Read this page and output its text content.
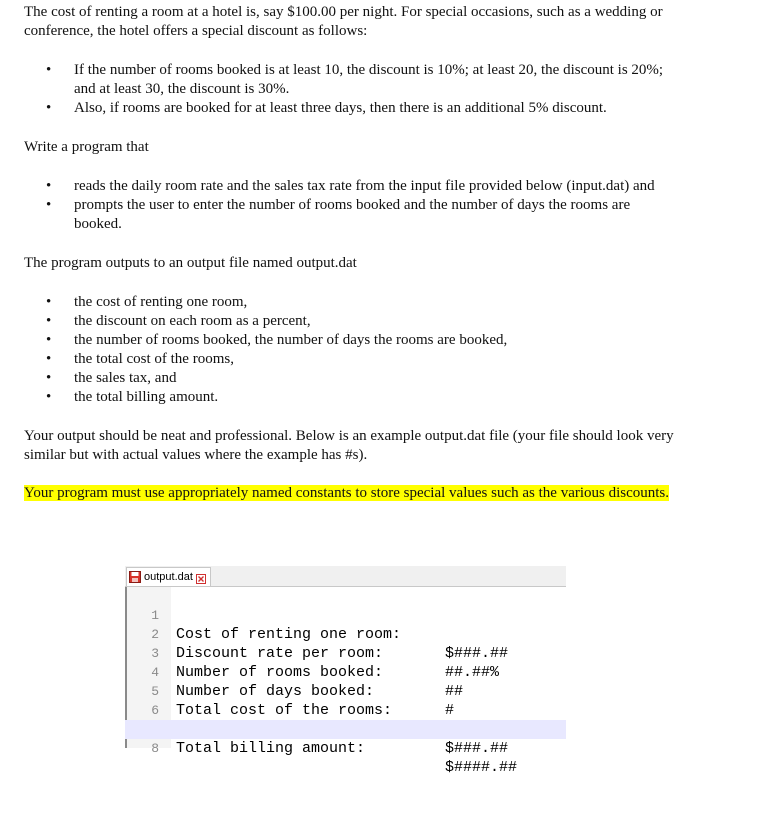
The cost of renting a room at a hotel is, say $100.00 per night. For special occasions, such as a wedding or conference, the hotel offers a special discount as follows:

• If the number of rooms booked is at least 10, the discount is 10%; at least 20, the discount is 20%; and at least 30, the discount is 30%.
• Also, if rooms are booked for at least three days, then there is an additional 5% discount.

Write a program that

• reads the daily room rate and the sales tax rate from the input file provided below (input.dat) and
• prompts the user to enter the number of rooms booked and the number of days the rooms are booked.

The program outputs to an output file named output.dat

• the cost of renting one room,
• the discount on each room as a percent,
• the number of rooms booked, the number of days the rooms are booked,
• the total cost of the rooms,
• the sales tax, and
• the total billing amount.

Your output should be neat and professional. Below is an example output.dat file (your file should look very similar but with actual values where the example has #s).

Your program must use appropriately named constants to store special values such as the various discounts.

output.dat

1

Cost of renting one room:

$###.##

2

Discount rate per room:

##.##%

3

Number of rooms booked:

##

4

Number of days booked:

#

5

Total cost of the rooms:

6

$###.##

Total billing amount:

$####.##

8
